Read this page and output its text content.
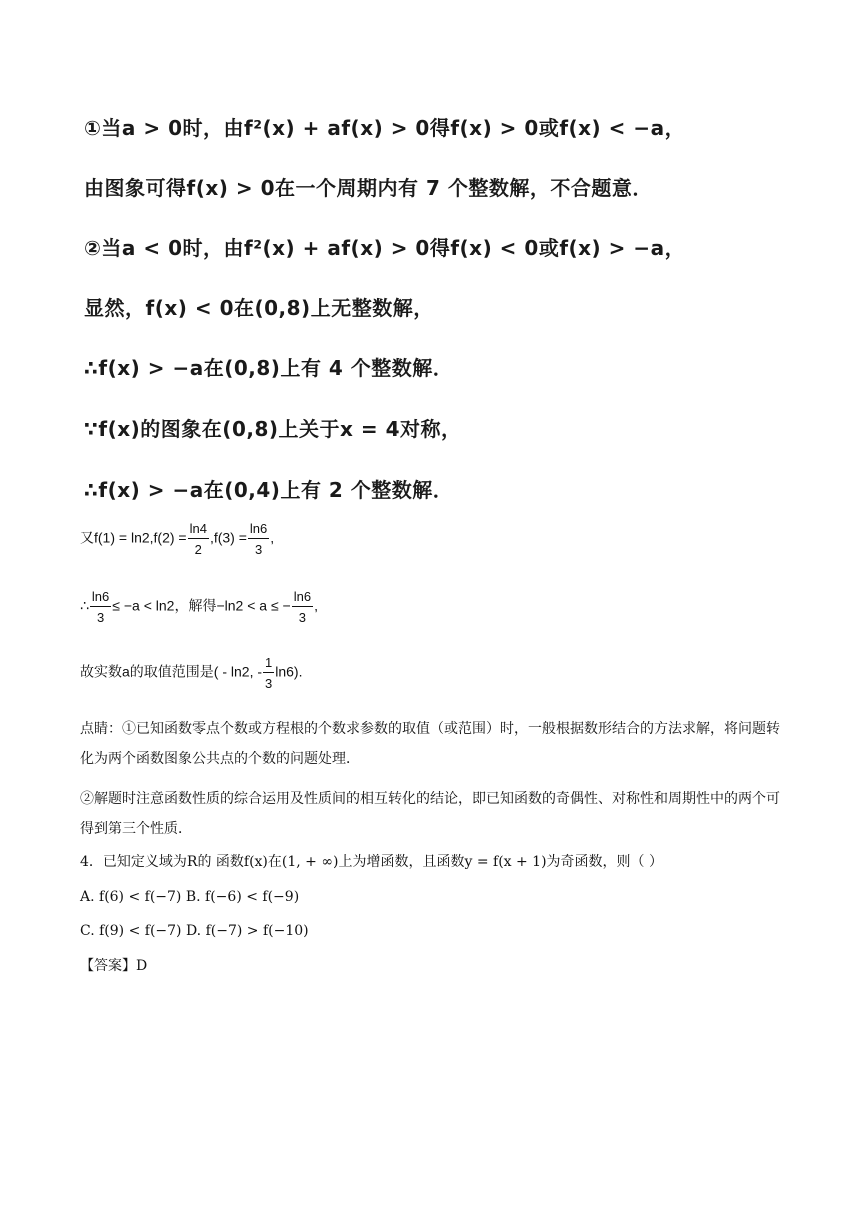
①当a > 0时，由f²(x) + af(x) > 0得f(x) > 0或f(x) < −a，
由图象可得f(x) > 0在一个周期内有 7 个整数解，不合题意．
②当a < 0时，由f²(x) + af(x) > 0得f(x) < 0或f(x) > −a，
显然，f(x) < 0在(0,8)上无整数解，
∴f(x) > −a在(0,8)上有 4 个整数解．
∵f(x)的图象在(0,8)上关于x = 4对称，
∴f(x) > −a在(0,4)上有 2 个整数解．
又$f(1) = \ln 2,f(2) = \frac{\ln 4}{2} ,f(3) = \frac{\ln 6}{3}$ ,
∴ $\frac{\ln 6}{3} \le -a < \ln 2$，解得−ln2 < a ≤ − $\frac{\ln 6}{3}$ ,
故实数a的取值范围是( - ln2, - $\frac{1}{3} \ln 6$).
点睛：①已知函数零点个数或方程根的个数求参数的取值（或范围）时，一般根据数形结合的方法求解，将问题转化为两个函数图象公共点的个数的问题处理．
②解题时注意函数性质的综合运用及性质间的相互转化的结论，即已知函数的奇偶性、对称性和周期性中的两个可得到第三个性质．
4．已知定义域为R的 函数f(x)在(1, + ∞)上为增函数，且函数y = f(x + 1)为奇函数，则（ ）
A. f(6) < f(−7) B. f(−6) < f(−9)
C. f(9) < f(−7) D. f(−7) > f(−10)
【答案】D
